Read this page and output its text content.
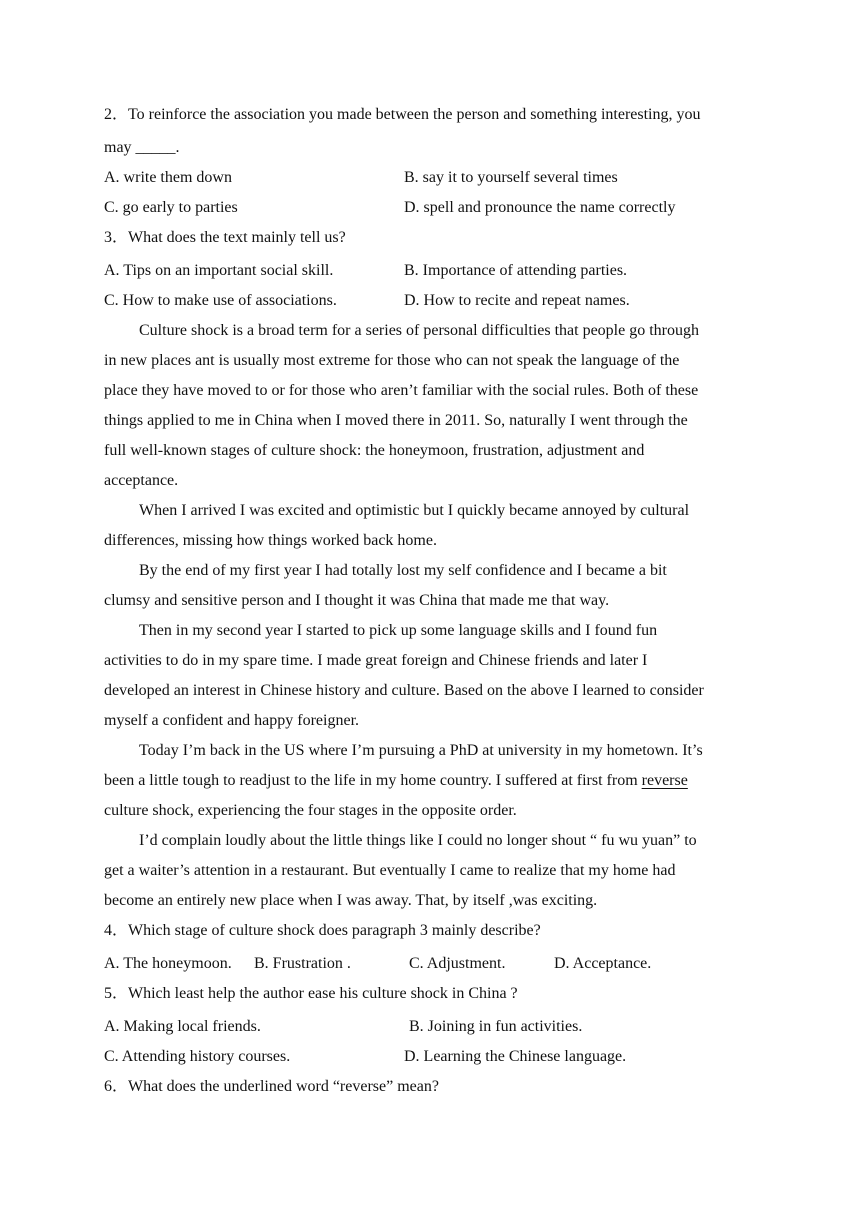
2．To reinforce the association you made between the person and something interesting, you
may _____.
A. write them down	B. say it to yourself several times
C. go early to parties	D. spell and pronounce the name correctly
3．What does the text mainly tell us?
A. Tips on an important social skill.	B. Importance of attending parties.
C. How to make use of associations.	D. How to recite and repeat names.
Culture shock is a broad term for a series of personal difficulties that people go through
in new places ant is usually most extreme for those who can not speak the language of the
place they have moved to or for those who aren’t familiar with the social rules. Both of these
things applied to me in China when I moved there in 2011. So, naturally I went through the
full well-known stages of culture shock: the honeymoon, frustration, adjustment and
acceptance.
When I arrived I was excited and optimistic but I quickly became annoyed by cultural
differences, missing how things worked back home.
By the end of my first year I had totally lost my self confidence and I became a bit
clumsy and sensitive person and I thought it was China that made me that way.
Then in my second year I started to pick up some language skills and I found fun
activities to do in my spare time. I made great foreign and Chinese friends and later I
developed an interest in Chinese history and culture. Based on the above I learned to consider
myself a confident and happy foreigner.
Today I’m back in the US where I’m pursuing a PhD at university in my hometown. It’s
been a little tough to readjust to the life in my home country. I suffered at first from reverse
culture shock, experiencing the four stages in the opposite order.
I’d complain loudly about the little things like I could no longer shout “ fu wu yuan” to
get a waiter’s attention in a restaurant. But eventually I came to realize that my home had
become an entirely new place when I was away. That, by itself ,was exciting.
4．Which stage of culture shock does paragraph 3 mainly describe?
A. The honeymoon. B. Frustration .	C. Adjustment.	D. Acceptance.
5．Which least help the author ease his culture shock in China ?
A. Making local friends.	B. Joining in fun activities.
C. Attending history courses.	D. Learning the Chinese language.
6．What does the underlined word “reverse” mean?
